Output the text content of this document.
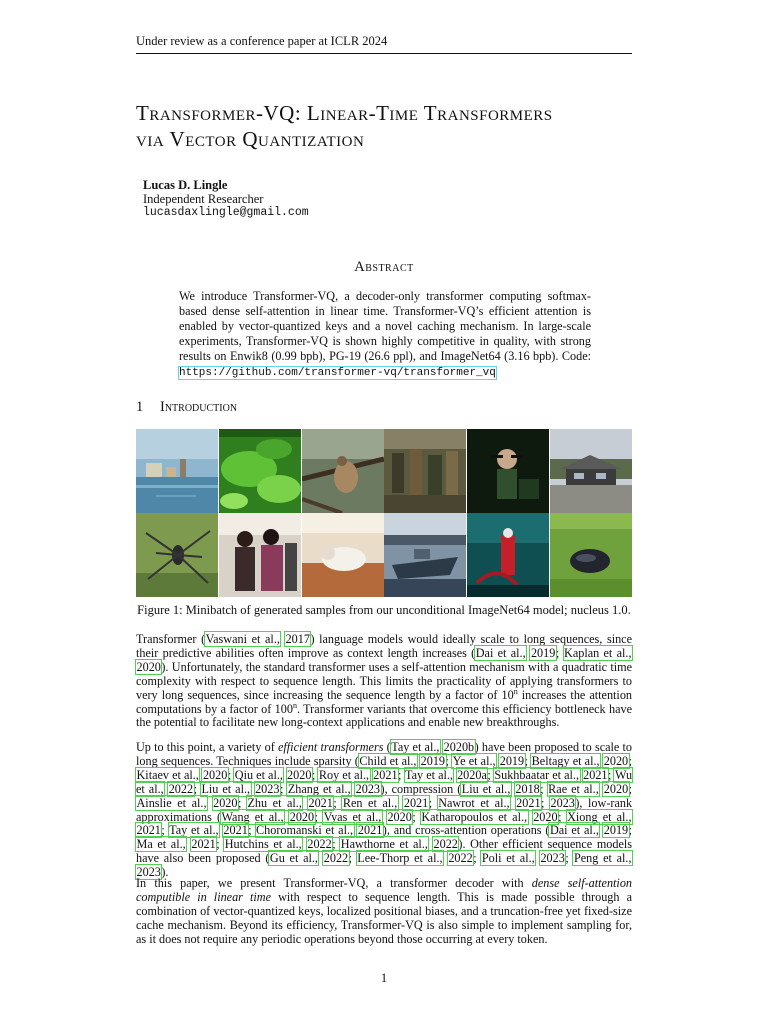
Under review as a conference paper at ICLR 2024
Transformer-VQ: Linear-Time Transformers
via Vector Quantization
Lucas D. Lingle
Independent Researcher
lucasdaxlingle@gmail.com
Abstract

We introduce Transformer-VQ, a decoder-only transformer computing softmax-based dense self-attention in linear time. Transformer-VQ’s efficient attention is enabled by vector-quantized keys and a novel caching mechanism. In large-scale experiments, Transformer-VQ is shown highly competitive in quality, with strong results on Enwik8 (0.99 bpb), PG-19 (26.6 ppl), and ImageNet64 (3.16 bpb). Code: https://github.com/transformer-vq/transformer_vq

1 Introduction
Figure 1: Minibatch of generated samples from our unconditional ImageNet64 model; nucleus 1.0.

Transformer (Vaswani et al., 2017) language models would ideally scale to long sequences, since their predictive abilities often improve as context length increases (Dai et al., 2019; Kaplan et al., 2020). Unfortunately, the standard transformer uses a self-attention mechanism with a quadratic time complexity with respect to sequence length. This limits the practicality of applying transformers to very long sequences, since increasing the sequence length by a factor of 10$^n$ increases the attention computations by a factor of 100$^n$. Transformer variants that overcome this efficiency bottleneck have the potential to facilitate new long-context applications and enable new breakthroughs.

Up to this point, a variety of efficient transformers (Tay et al., 2020b) have been proposed to scale to long sequences. Techniques include sparsity (Child et al., 2019; Ye et al., 2019; Beltagy et al., 2020; Kitaev et al., 2020; Qiu et al., 2020; Roy et al., 2021; Tay et al., 2020a; Sukhbaatar et al., 2021; Wu et al., 2022; Liu et al., 2023; Zhang et al., 2023), compression (Liu et al., 2018; Rae et al., 2020; Ainslie et al., 2020; Zhu et al., 2021; Ren et al., 2021; Nawrot et al., 2021; 2023), low-rank approximations (Wang et al., 2020; Vyas et al., 2020; Katharopoulos et al., 2020; Xiong et al., 2021; Tay et al., 2021; Choromanski et al., 2021), and cross-attention operations (Dai et al., 2019; Ma et al., 2021; Hutchins et al., 2022; Hawthorne et al., 2022). Other efficient sequence models have also been proposed (Gu et al., 2022; Lee-Thorp et al., 2022; Poli et al., 2023; Peng et al., 2023).

In this paper, we present Transformer-VQ, a transformer decoder with dense self-attention computible in linear time with respect to sequence length. This is made possible through a combination of vector-quantized keys, localized positional biases, and a truncation-free yet fixed-size cache mechanism. Beyond its efficiency, Transformer-VQ is also simple to implement sampling for, as it does not require any periodic operations beyond those occurring at every token.

1
